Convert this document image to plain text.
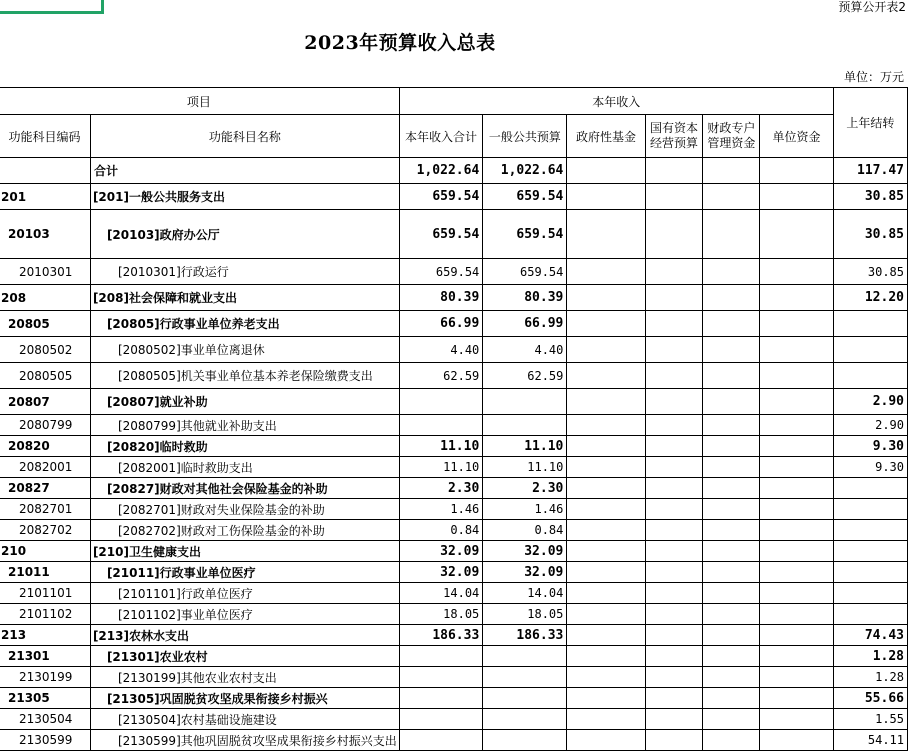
预算公开表2
2023年预算收入总表
单位：万元
项目		本年收入						上年结转
功能科目编码	功能科目名称	本年收入合计	一般公共预算	政府性基金	国有资本经营预算	财政专户管理资金	单位资金	
	合计	1,022.64	1,022.64					117.47
201	[201]一般公共服务支出	659.54	659.54					30.85
20103	[20103]政府办公厅	659.54	659.54					30.85
2010301	[2010301]行政运行	659.54	659.54					30.85
208	[208]社会保障和就业支出	80.39	80.39					12.20
20805	[20805]行政事业单位养老支出	66.99	66.99					
2080502	[2080502]事业单位离退休	4.40	4.40					
2080505	[2080505]机关事业单位基本养老保险缴费支出	62.59	62.59					
20807	[20807]就业补助							2.90
2080799	[2080799]其他就业补助支出							2.90
20820	[20820]临时救助	11.10	11.10					9.30
2082001	[2082001]临时救助支出	11.10	11.10					9.30
20827	[20827]财政对其他社会保险基金的补助	2.30	2.30					
2082701	[2082701]财政对失业保险基金的补助	1.46	1.46					
2082702	[2082702]财政对工伤保险基金的补助	0.84	0.84					
210	[210]卫生健康支出	32.09	32.09					
21011	[21011]行政事业单位医疗	32.09	32.09					
2101101	[2101101]行政单位医疗	14.04	14.04					
2101102	[2101102]事业单位医疗	18.05	18.05					
213	[213]农林水支出	186.33	186.33					74.43
21301	[21301]农业农村							1.28
2130199	[2130199]其他农业农村支出							1.28
21305	[21305]巩固脱贫攻坚成果衔接乡村振兴							55.66
2130504	[2130504]农村基础设施建设							1.55
2130599	[2130599]其他巩固脱贫攻坚成果衔接乡村振兴支出							54.11
